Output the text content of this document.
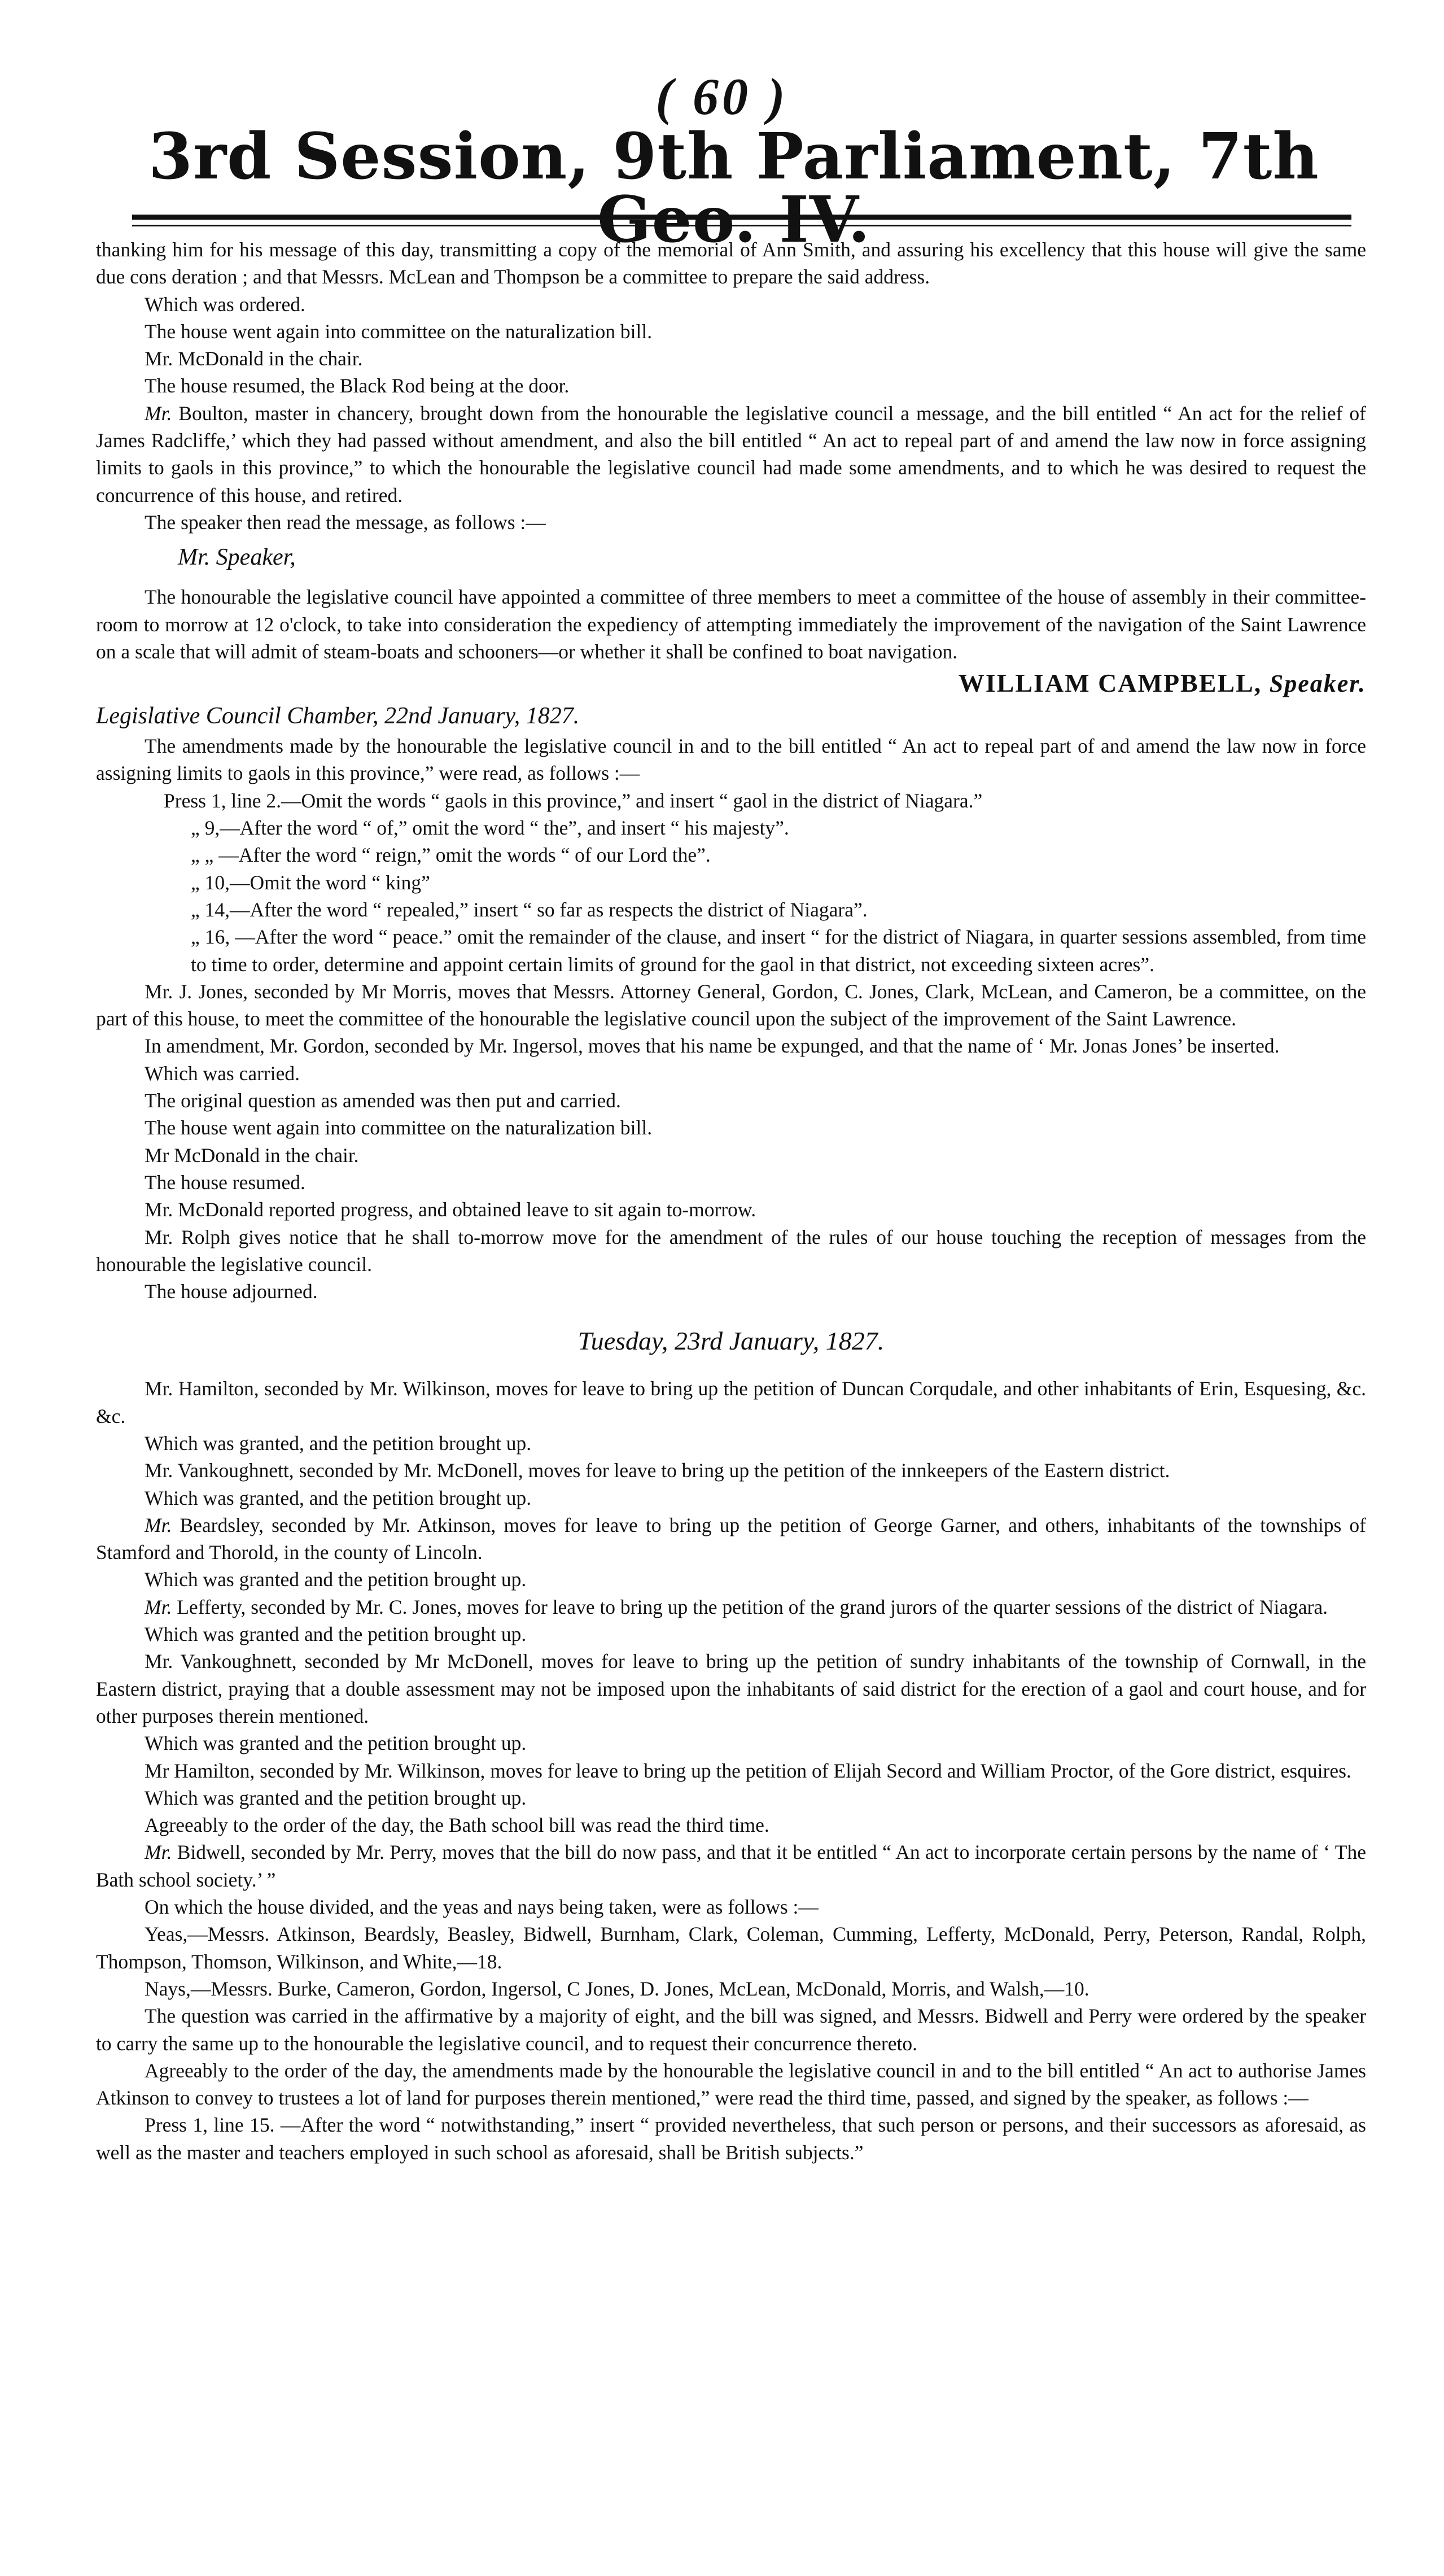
( 60 )
3rd Session, 9th Parliament, 7th Geo. IV.

thanking him for his message of this day, transmitting a copy of the memorial of Ann Smith, and assuring his excellency that this house will give the same due cons deration ; and that Messrs. McLean and Thompson be a committee to prepare the said address.

Which was ordered.

The house went again into committee on the naturalization bill.

Mr. McDonald in the chair.

The house resumed, the Black Rod being at the door.

Mr. Boulton, master in chancery, brought down from the honourable the legislative council a message, and the bill entitled “ An act for the relief of James Radcliffe,’ which they had passed without amendment, and also the bill entitled “ An act to repeal part of and amend the law now in force assigning limits to gaols in this province,” to which the honourable the legislative council had made some amendments, and to which he was desired to request the concurrence of this house, and retired.

The speaker then read the message, as follows :—

Mr. Speaker,

The honourable the legislative council have appointed a committee of three members to meet a committee of the house of assembly in their committee-room to morrow at 12 o'clock, to take into consideration the expediency of attempting immediately the improvement of the navigation of the Saint Lawrence on a scale that will admit of steam-boats and schooners—or whether it shall be confined to boat navigation.

WILLIAM CAMPBELL, Speaker.

Legislative Council Chamber, 22nd January, 1827.

The amendments made by the honourable the legislative council in and to the bill entitled “ An act to repeal part of and amend the law now in force assigning limits to gaols in this province,” were read, as follows :—

Press 1, line 2.—Omit the words “ gaols in this province,” and insert “ gaol in the district of Niagara.”

„ 9,—After the word “ of,” omit the word “ the”, and insert “ his majesty”.

„ „ —After the word “ reign,” omit the words “ of our Lord the”.

„ 10,—Omit the word “ king”

„ 14,—After the word “ repealed,” insert “ so far as respects the district of Niagara”.

„ 16, —After the word “ peace.” omit the remainder of the clause, and insert “ for the district of Niagara, in quarter sessions assembled, from time to time to order, determine and appoint certain limits of ground for the gaol in that district, not exceeding sixteen acres”.

Mr. J. Jones, seconded by Mr Morris, moves that Messrs. Attorney General, Gordon, C. Jones, Clark, McLean, and Cameron, be a committee, on the part of this house, to meet the committee of the honourable the legislative council upon the subject of the improvement of the Saint Lawrence.

In amendment, Mr. Gordon, seconded by Mr. Ingersol, moves that his name be expunged, and that the name of ‘ Mr. Jonas Jones’ be inserted.

Which was carried.

The original question as amended was then put and carried.

The house went again into committee on the naturalization bill.

Mr McDonald in the chair.

The house resumed.

Mr. McDonald reported progress, and obtained leave to sit again to-morrow.

Mr. Rolph gives notice that he shall to-morrow move for the amendment of the rules of our house touching the reception of messages from the honourable the legislative council.

The house adjourned.

Tuesday, 23rd January, 1827.

Mr. Hamilton, seconded by Mr. Wilkinson, moves for leave to bring up the petition of Duncan Corqudale, and other inhabitants of Erin, Esquesing, &c. &c.

Which was granted, and the petition brought up.

Mr. Vankoughnett, seconded by Mr. McDonell, moves for leave to bring up the petition of the innkeepers of the Eastern district.

Which was granted, and the petition brought up.

Mr. Beardsley, seconded by Mr. Atkinson, moves for leave to bring up the petition of George Garner, and others, inhabitants of the townships of Stamford and Thorold, in the county of Lincoln.

Which was granted and the petition brought up.

Mr. Lefferty, seconded by Mr. C. Jones, moves for leave to bring up the petition of the grand jurors of the quarter sessions of the district of Niagara.

Which was granted and the petition brought up.

Mr. Vankoughnett, seconded by Mr McDonell, moves for leave to bring up the petition of sundry inhabitants of the township of Cornwall, in the Eastern district, praying that a double assessment may not be imposed upon the inhabitants of said district for the erection of a gaol and court house, and for other purposes therein mentioned.

Which was granted and the petition brought up.

Mr Hamilton, seconded by Mr. Wilkinson, moves for leave to bring up the petition of Elijah Secord and William Proctor, of the Gore district, esquires.

Which was granted and the petition brought up.

Agreeably to the order of the day, the Bath school bill was read the third time.

Mr. Bidwell, seconded by Mr. Perry, moves that the bill do now pass, and that it be entitled “ An act to incorporate certain persons by the name of ‘ The Bath school society.’ ”

On which the house divided, and the yeas and nays being taken, were as follows :—

Yeas,—Messrs. Atkinson, Beardsly, Beasley, Bidwell, Burnham, Clark, Coleman, Cumming, Lefferty, McDonald, Perry, Peterson, Randal, Rolph, Thompson, Thomson, Wilkinson, and White,—18.

Nays,—Messrs. Burke, Cameron, Gordon, Ingersol, C Jones, D. Jones, McLean, McDonald, Morris, and Walsh,—10.

The question was carried in the affirmative by a majority of eight, and the bill was signed, and Messrs. Bidwell and Perry were ordered by the speaker to carry the same up to the honourable the legislative council, and to request their concurrence thereto.

Agreeably to the order of the day, the amendments made by the honourable the legislative council in and to the bill entitled “ An act to authorise James Atkinson to convey to trustees a lot of land for purposes therein mentioned,” were read the third time, passed, and signed by the speaker, as follows :—

Press 1, line 15. —After the word “ notwithstanding,” insert “ provided nevertheless, that such person or persons, and their successors as aforesaid, as well as the master and teachers employed in such school as aforesaid, shall be British subjects.”
